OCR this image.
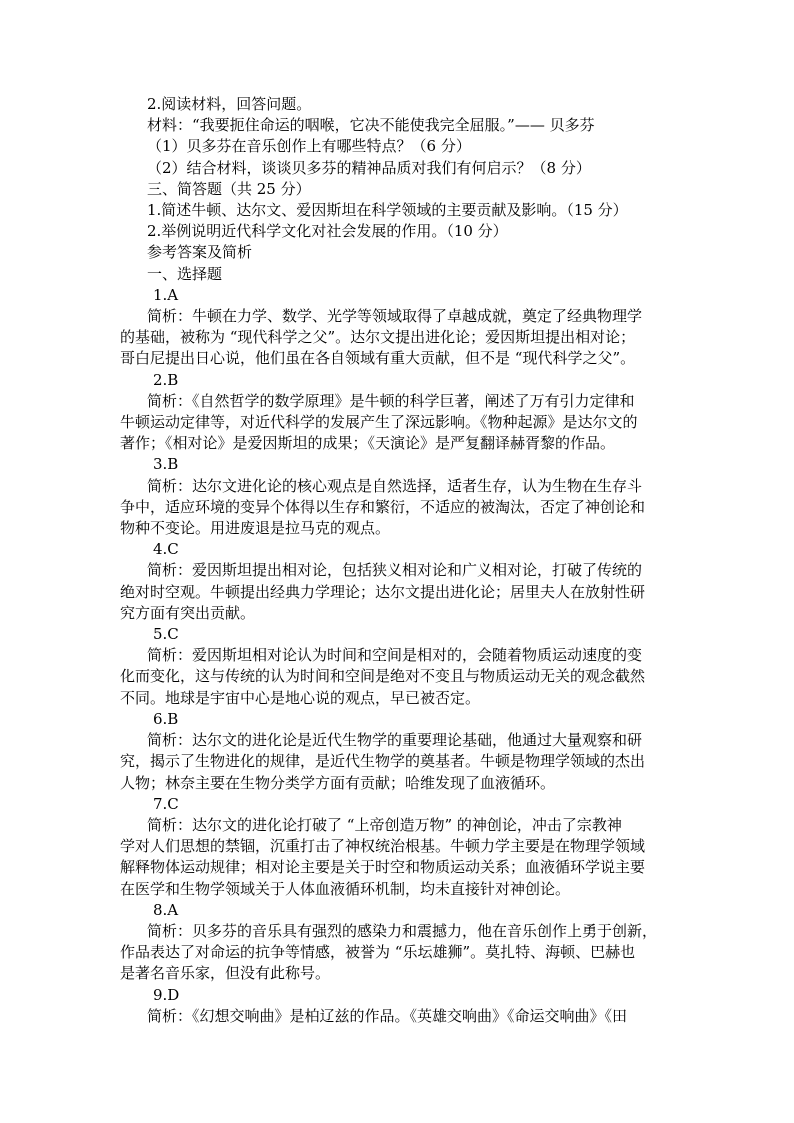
2.阅读材料，回答问题。
材料：“我要扼住命运的咽喉，它决不能使我完全屈服。”—— 贝多芬
（1）贝多芬在音乐创作上有哪些特点？（6 分）
（2）结合材料，谈谈贝多芬的精神品质对我们有何启示？（8 分）
三、简答题（共 25 分）
1.简述牛顿、达尔文、爱因斯坦在科学领域的主要贡献及影响。（15 分）
2.举例说明近代科学文化对社会发展的作用。（10 分）
参考答案及简析
一、选择题
1.A
简析：牛顿在力学、数学、光学等领域取得了卓越成就，奠定了经典物理学
的基础，被称为 “现代科学之父”。达尔文提出进化论；爱因斯坦提出相对论；
哥白尼提出日心说，他们虽在各自领域有重大贡献，但不是 “现代科学之父”。
2.B
简析：《自然哲学的数学原理》是牛顿的科学巨著，阐述了万有引力定律和
牛顿运动定律等，对近代科学的发展产生了深远影响。《物种起源》是达尔文的
著作；《相对论》是爱因斯坦的成果；《天演论》是严复翻译赫胥黎的作品。
3.B
简析：达尔文进化论的核心观点是自然选择，适者生存，认为生物在生存斗
争中，适应环境的变异个体得以生存和繁衍，不适应的被淘汰，否定了神创论和
物种不变论。用进废退是拉马克的观点。
4.C
简析：爱因斯坦提出相对论，包括狭义相对论和广义相对论，打破了传统的
绝对时空观。牛顿提出经典力学理论；达尔文提出进化论；居里夫人在放射性研
究方面有突出贡献。
5.C
简析：爱因斯坦相对论认为时间和空间是相对的，会随着物质运动速度的变
化而变化，这与传统的认为时间和空间是绝对不变且与物质运动无关的观念截然
不同。地球是宇宙中心是地心说的观点，早已被否定。
6.B
简析：达尔文的进化论是近代生物学的重要理论基础，他通过大量观察和研
究，揭示了生物进化的规律，是近代生物学的奠基者。牛顿是物理学领域的杰出
人物；林奈主要在生物分类学方面有贡献；哈维发现了血液循环。
7.C
简析：达尔文的进化论打破了 “上帝创造万物” 的神创论，冲击了宗教神
学对人们思想的禁锢，沉重打击了神权统治根基。牛顿力学主要是在物理学领域
解释物体运动规律；相对论主要是关于时空和物质运动关系；血液循环学说主要
在医学和生物学领域关于人体血液循环机制，均未直接针对神创论。
8.A
简析：贝多芬的音乐具有强烈的感染力和震撼力，他在音乐创作上勇于创新，
作品表达了对命运的抗争等情感，被誉为 “乐坛雄狮”。莫扎特、海顿、巴赫也
是著名音乐家，但没有此称号。
9.D
简析：《幻想交响曲》是柏辽兹的作品。《英雄交响曲》《命运交响曲》《田
